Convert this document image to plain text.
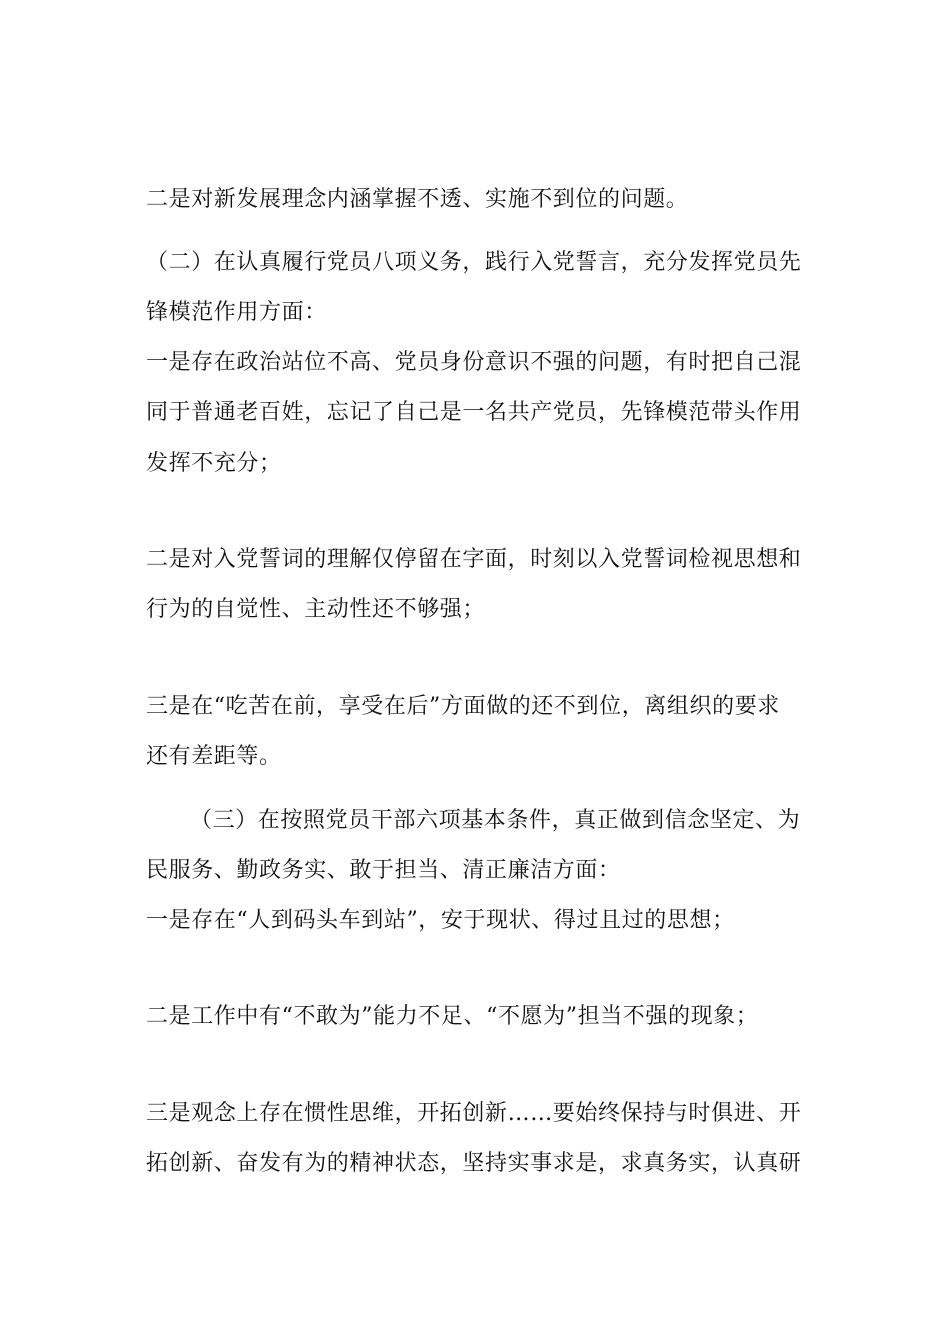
二是对新发展理念内涵掌握不透、实施不到位的问题。
（二）在认真履行党员八项义务，践行入党誓言，充分发挥党员先
锋模范作用方面：
一是存在政治站位不高、党员身份意识不强的问题，有时把自己混
同于普通老百姓，忘记了自己是一名共产党员，先锋模范带头作用
发挥不充分；
二是对入党誓词的理解仅停留在字面，时刻以入党誓词检视思想和
行为的自觉性、主动性还不够强；
三是在“吃苦在前，享受在后”方面做的还不到位，离组织的要求
还有差距等。
（三）在按照党员干部六项基本条件，真正做到信念坚定、为
民服务、勤政务实、敢于担当、清正廉洁方面：
一是存在“人到码头车到站”，安于现状、得过且过的思想；
二是工作中有“不敢为”能力不足、“不愿为”担当不强的现象；
三是观念上存在惯性思维，开拓创新……要始终保持与时俱进、开
拓创新、奋发有为的精神状态，坚持实事求是，求真务实，认真研
